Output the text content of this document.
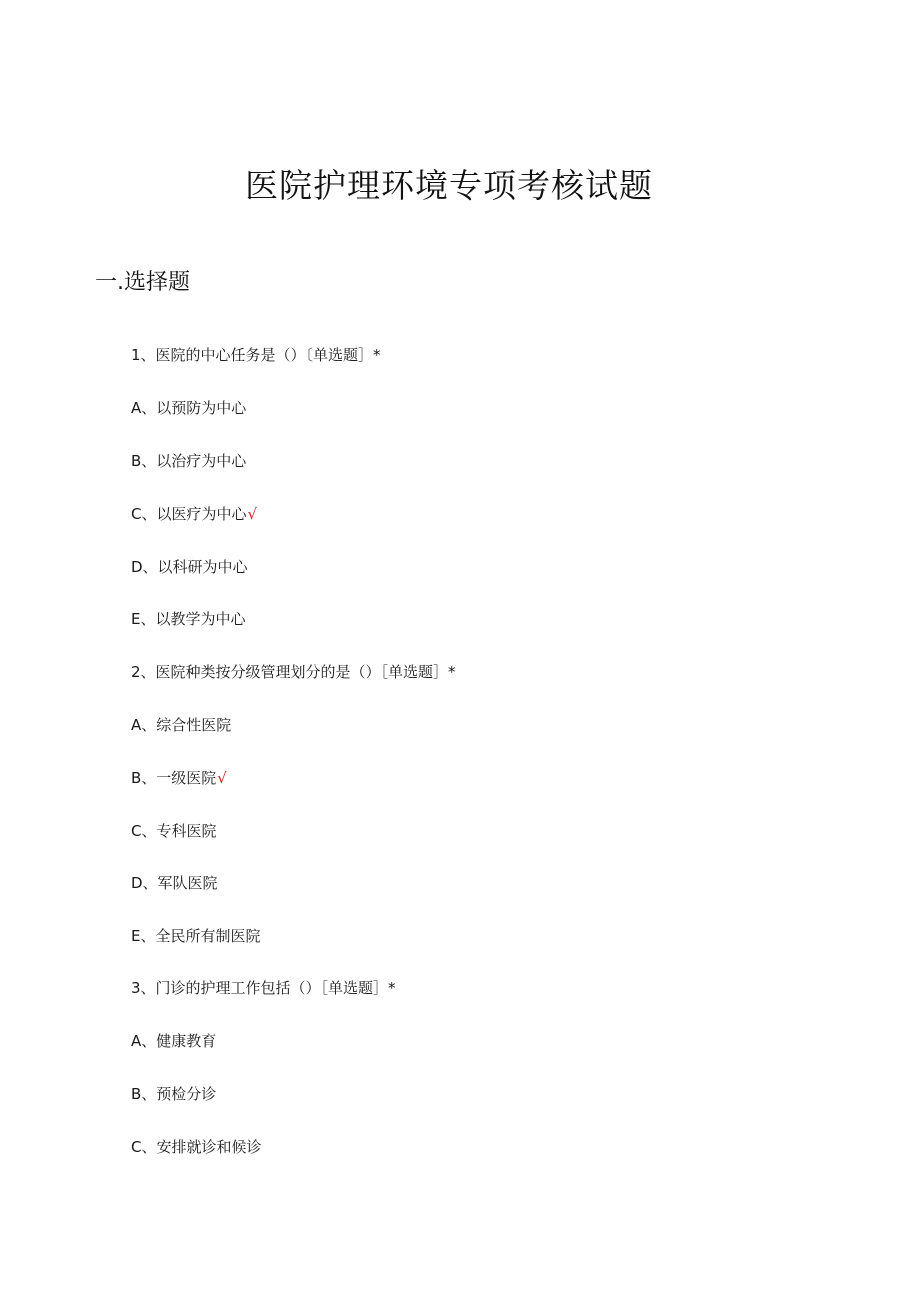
医院护理环境专项考核试题
一.选择题
1、医院的中心任务是（）〔单选题］*
A、以预防为中心
B、以治疗为中心
C、以医疗为中心√
D、以科研为中心
E、以教学为中心
2、医院种类按分级管理划分的是（）［单选题］*
A、综合性医院
B、一级医院√
C、专科医院
D、军队医院
E、全民所有制医院
3、门诊的护理工作包括（）［单选题］*
A、健康教育
B、预检分诊
C、安排就诊和候诊
